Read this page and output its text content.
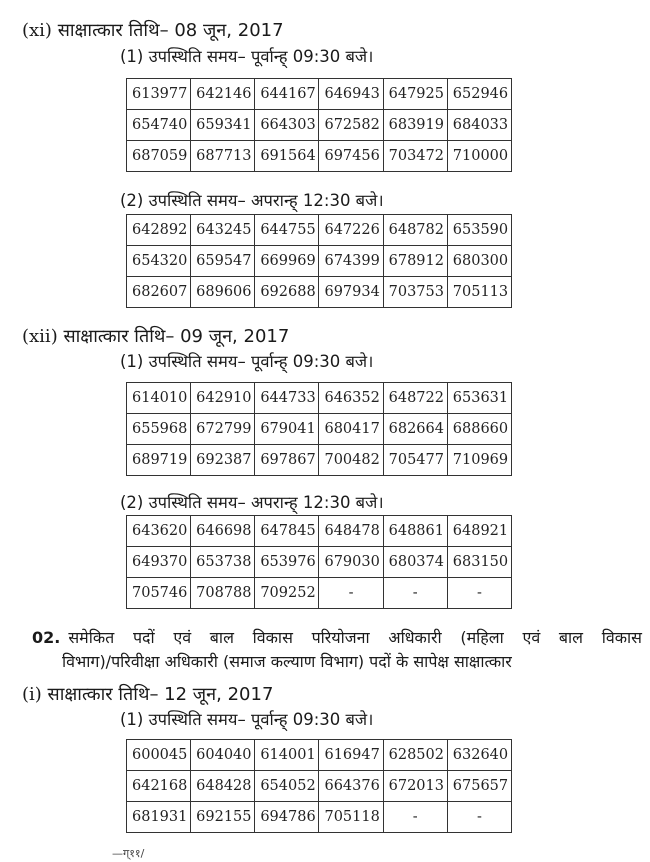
(xi) साक्षात्कार तिथि– 08 जून, 2017
(1) उपस्थिति समय– पूर्वान्ह् 09:30 बजे।
613977	642146	644167	646943	647925	652946
654740	659341	664303	672582	683919	684033
687059	687713	691564	697456	703472	710000
(2) उपस्थिति समय– अपरान्ह् 12:30 बजे।
642892	643245	644755	647226	648782	653590
654320	659547	669969	674399	678912	680300
682607	689606	692688	697934	703753	705113
(xii) साक्षात्कार तिथि– 09 जून, 2017
(1) उपस्थिति समय– पूर्वान्ह् 09:30 बजे।
614010	642910	644733	646352	648722	653631
655968	672799	679041	680417	682664	688660
689719	692387	697867	700482	705477	710969
(2) उपस्थिति समय– अपरान्ह् 12:30 बजे।
643620	646698	647845	648478	648861	648921
649370	653738	653976	679030	680374	683150
705746	708788	709252	-	-	-
02. समेकित पदों एवं बाल विकास परियोजना अधिकारी (महिला एवं बाल विकास
विभाग)/परिवीक्षा अधिकारी (समाज कल्याण विभाग) पदों के सापेक्ष साक्षात्कार
(i) साक्षात्कार तिथि– 12 जून, 2017
(1) उपस्थिति समय– पूर्वान्ह् 09:30 बजे।
600045	604040	614001	616947	628502	632640
642168	648428	654052	664376	672013	675657
681931	692155	694786	705118	-	-
—ग्११/
